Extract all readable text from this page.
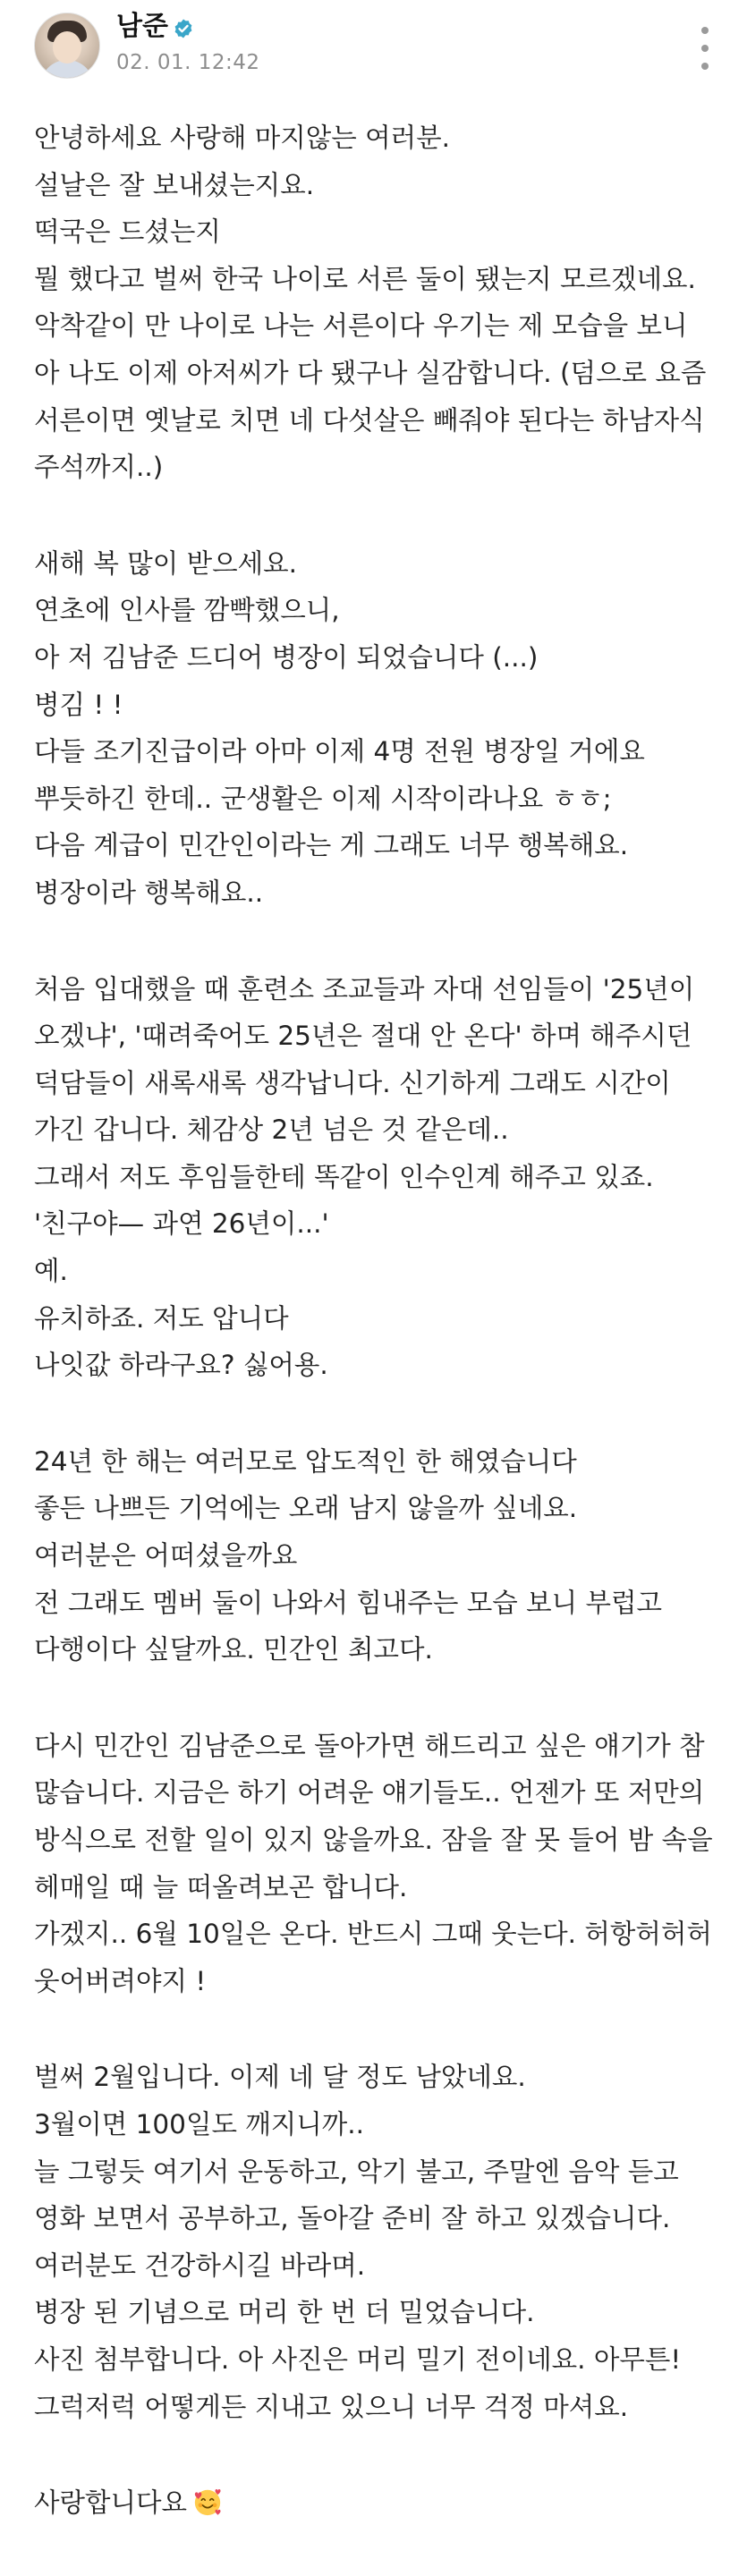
남준
02. 01. 12:42
안녕하세요 사랑해 마지않는 여러분.
설날은 잘 보내셨는지요.
떡국은 드셨는지
뭘 했다고 벌써 한국 나이로 서른 둘이 됐는지 모르겠네요.
악착같이 만 나이로 나는 서른이다 우기는 제 모습을 보니
아 나도 이제 아저씨가 다 됐구나 실감합니다. (덤으로 요즘
서른이면 옛날로 치면 네 다섯살은 빼줘야 된다는 하남자식
주석까지..)
새해 복 많이 받으세요.
연초에 인사를 깜빡했으니,
아 저 김남준 드디어 병장이 되었습니다 (...)
병김 ! !
다들 조기진급이라 아마 이제 4명 전원 병장일 거에요
뿌듯하긴 한데.. 군생활은 이제 시작이라나요 ㅎㅎ;
다음 계급이 민간인이라는 게 그래도 너무 행복해요.
병장이라 행복해요..
처음 입대했을 때 훈련소 조교들과 자대 선임들이 '25년이
오겠냐', '때려죽어도 25년은 절대 안 온다' 하며 해주시던
덕담들이 새록새록 생각납니다. 신기하게 그래도 시간이
가긴 갑니다. 체감상 2년 넘은 것 같은데..
그래서 저도 후임들한테 똑같이 인수인계 해주고 있죠.
'친구야— 과연 26년이...'
예.
유치하죠. 저도 압니다
나잇값 하라구요? 싫어용.
24년 한 해는 여러모로 압도적인 한 해였습니다
좋든 나쁘든 기억에는 오래 남지 않을까 싶네요.
여러분은 어떠셨을까요
전 그래도 멤버 둘이 나와서 힘내주는 모습 보니 부럽고
다행이다 싶달까요. 민간인 최고다.
다시 민간인 김남준으로 돌아가면 해드리고 싶은 얘기가 참
많습니다. 지금은 하기 어려운 얘기들도.. 언젠가 또 저만의
방식으로 전할 일이 있지 않을까요. 잠을 잘 못 들어 밤 속을
헤매일 때 늘 떠올려보곤 합니다.
가겠지.. 6월 10일은 온다. 반드시 그때 웃는다. 허항허허허
웃어버려야지 !
벌써 2월입니다. 이제 네 달 정도 남았네요.
3월이면 100일도 깨지니까..
늘 그렇듯 여기서 운동하고, 악기 불고, 주말엔 음악 듣고
영화 보면서 공부하고, 돌아갈 준비 잘 하고 있겠습니다.
여러분도 건강하시길 바라며.
병장 된 기념으로 머리 한 번 더 밀었습니다.
사진 첨부합니다. 아 사진은 머리 밀기 전이네요. 아무튼!
그럭저럭 어떻게든 지내고 있으니 너무 걱정 마셔요.
사랑합니다요
